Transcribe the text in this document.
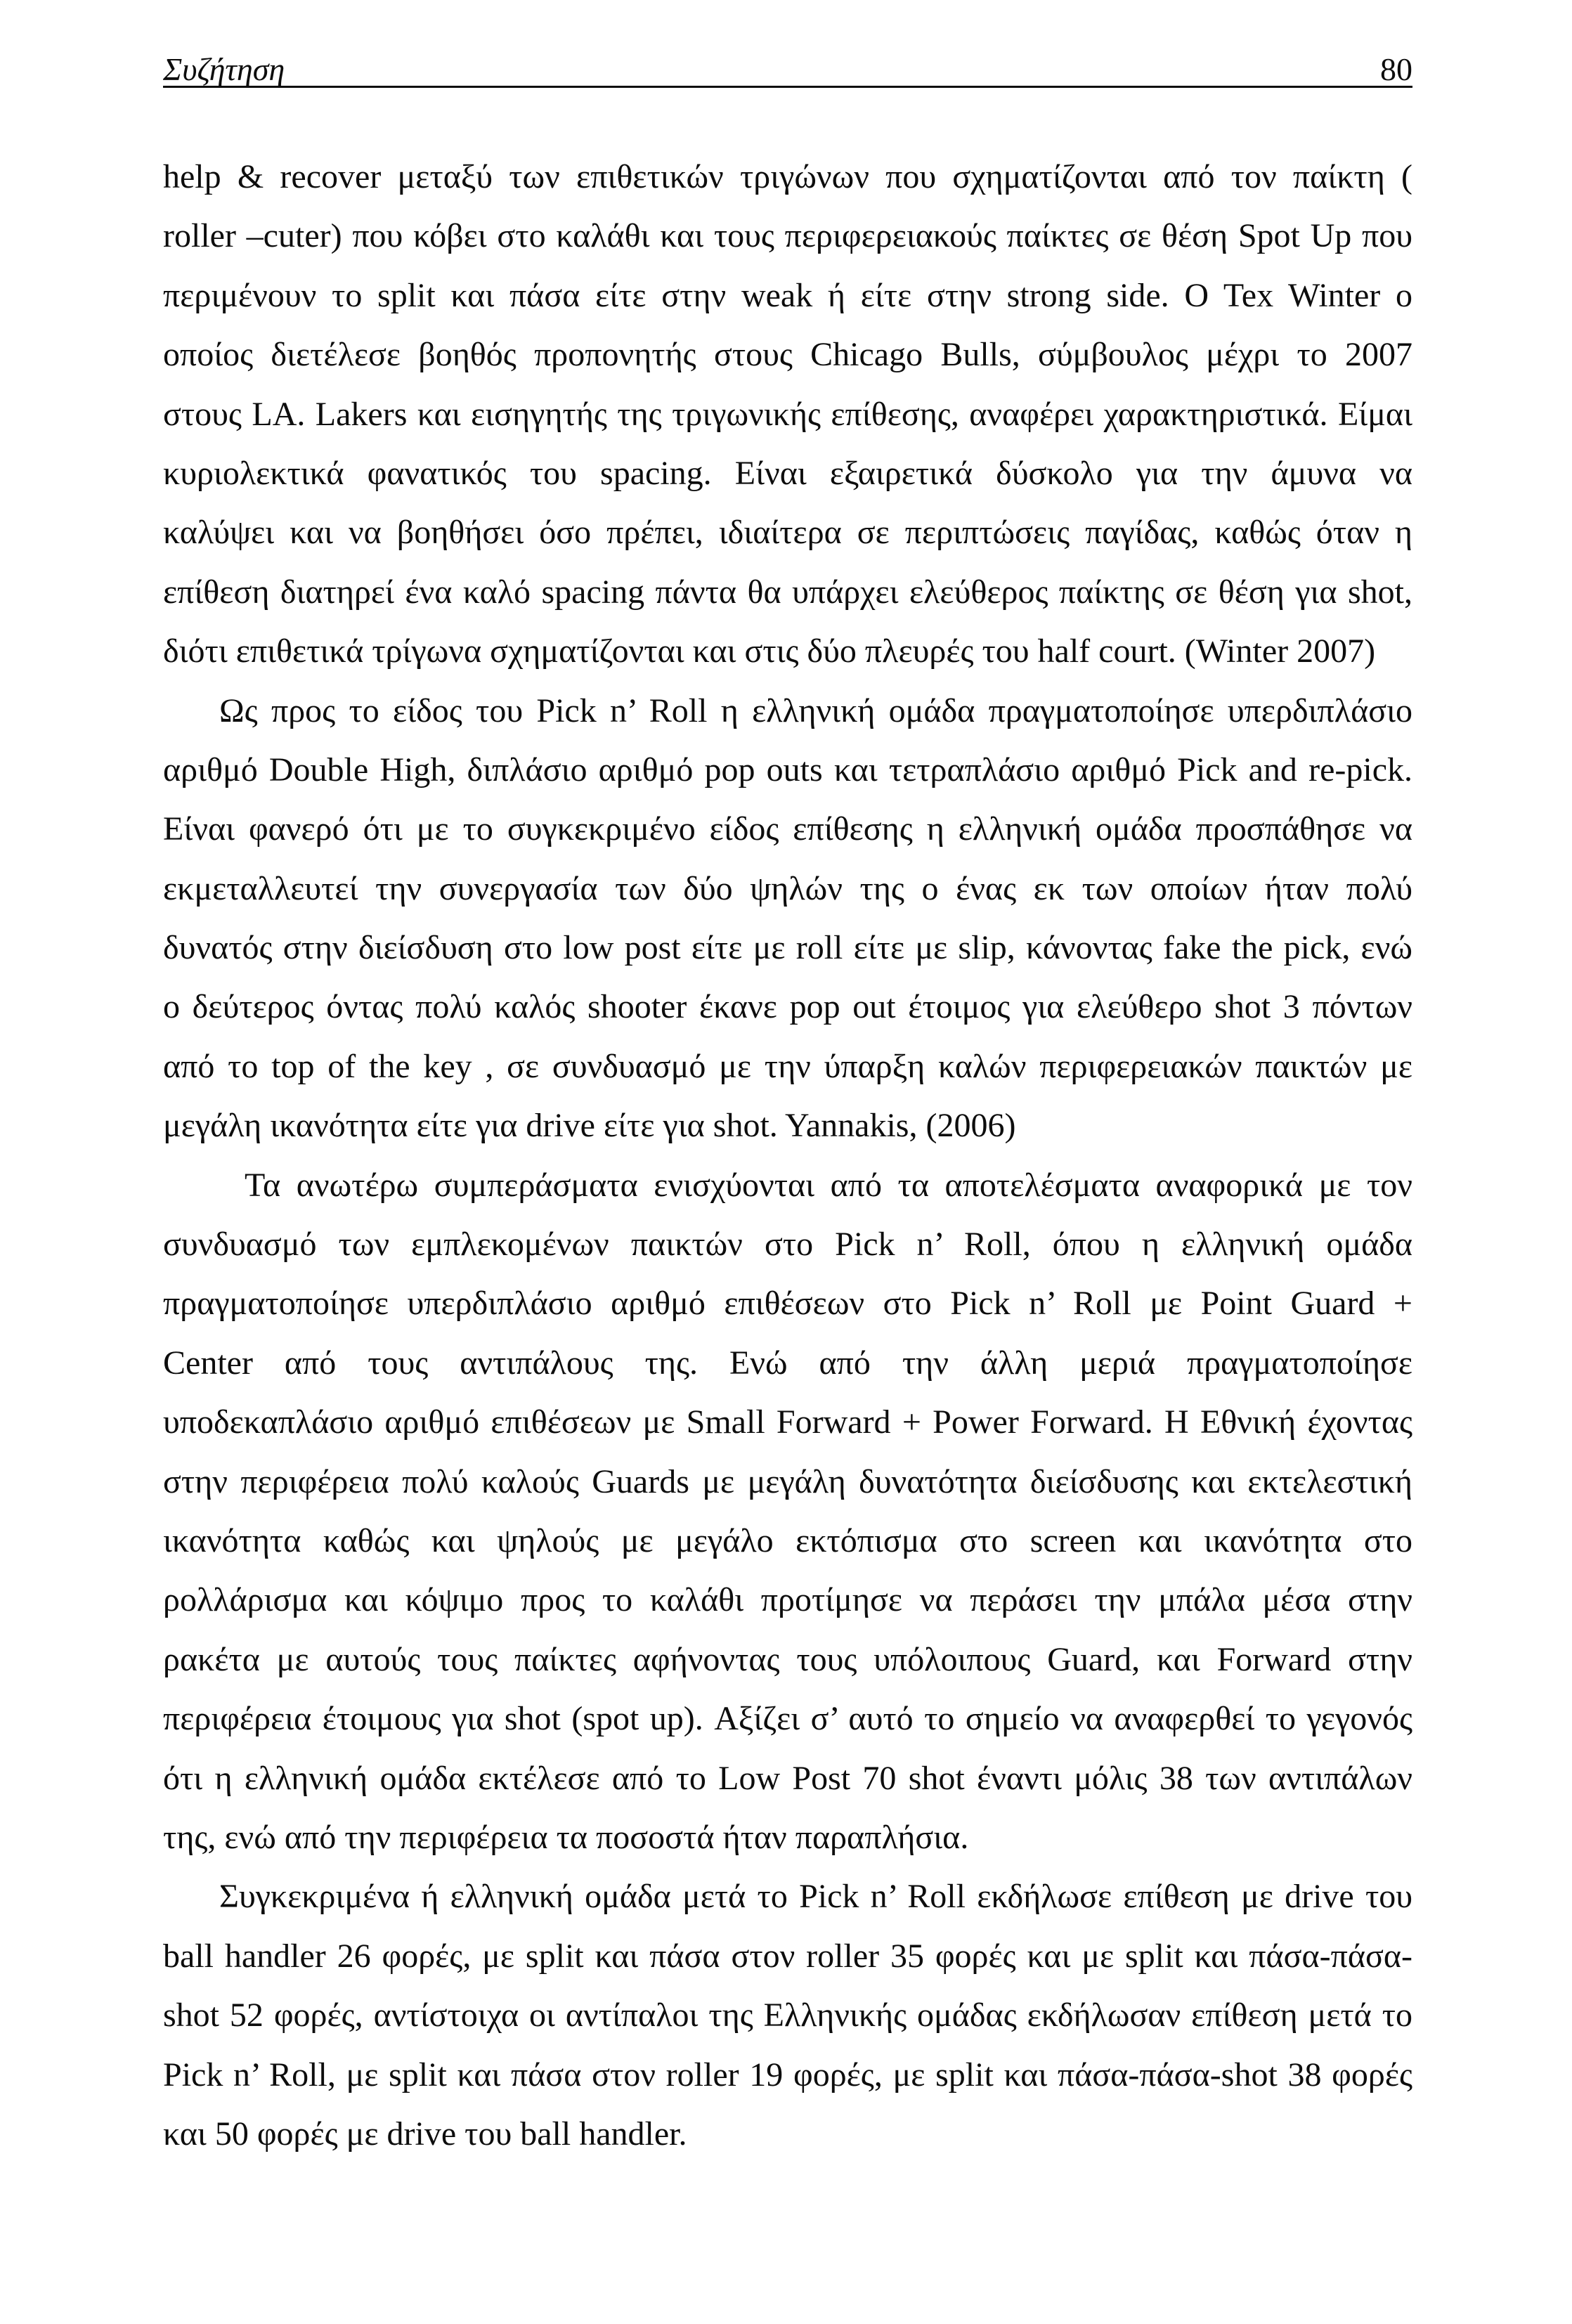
Συζήτηση	80
help & recover μεταξύ των επιθετικών τριγώνων που σχηματίζονται από τον παίκτη (
roller –cuter) που κόβει στο καλάθι και τους περιφερειακούς παίκτες σε θέση Spot Up που
περιμένουν το split και πάσα είτε στην weak ή είτε στην strong side. O Tex Winter ο
οποίος διετέλεσε βοηθός προπονητής στους Chicago Bulls, σύμβουλος μέχρι το 2007
στους LA. Lakers και εισηγητής της τριγωνικής επίθεσης, αναφέρει χαρακτηριστικά. Είμαι
κυριολεκτικά φανατικός του spacing. Είναι εξαιρετικά δύσκολο για την άμυνα να
καλύψει και να βοηθήσει όσο πρέπει, ιδιαίτερα σε περιπτώσεις παγίδας, καθώς όταν η
επίθεση διατηρεί ένα καλό spacing πάντα θα υπάρχει ελεύθερος παίκτης σε θέση για shot,
διότι επιθετικά τρίγωνα σχηματίζονται και στις δύο πλευρές του half court. (Winter 2007)
Ως προς το είδος του Pick n’ Roll η ελληνική ομάδα πραγματοποίησε υπερδιπλάσιο
αριθμό Double High, διπλάσιο αριθμό pop outs και τετραπλάσιο αριθμό Pick and re-pick.
Είναι φανερό ότι με το συγκεκριμένο είδος επίθεσης η ελληνική ομάδα προσπάθησε να
εκμεταλλευτεί την συνεργασία των δύο ψηλών της ο ένας εκ των οποίων ήταν πολύ
δυνατός στην διείσδυση στο low post είτε με roll είτε με slip, κάνοντας fake the pick, ενώ
ο δεύτερος όντας πολύ καλός shooter έκανε pop out έτοιμος για ελεύθερο shot 3 πόντων
από το top of the key , σε συνδυασμό με την ύπαρξη καλών περιφερειακών παικτών με
μεγάλη ικανότητα είτε για drive είτε για shot. Yannakis, (2006)
Τα ανωτέρω συμπεράσματα ενισχύονται από τα αποτελέσματα αναφορικά με τον
συνδυασμό των εμπλεκομένων παικτών στο Pick n’ Roll, όπου η ελληνική ομάδα
πραγματοποίησε υπερδιπλάσιο αριθμό επιθέσεων στο Pick n’ Roll με Point Guard +
Center από τους αντιπάλους της. Ενώ από την άλλη μεριά πραγματοποίησε
υποδεκαπλάσιο αριθμό επιθέσεων με Small Forward + Power Forward. Η Εθνική έχοντας
στην περιφέρεια πολύ καλούς Guards με μεγάλη δυνατότητα διείσδυσης και εκτελεστική
ικανότητα καθώς και ψηλούς με μεγάλο εκτόπισμα στο screen και ικανότητα στο
ρολλάρισμα και κόψιμο προς το καλάθι προτίμησε να περάσει την μπάλα μέσα στην
ρακέτα με αυτούς τους παίκτες αφήνοντας τους υπόλοιπους Guard, και Forward στην
περιφέρεια έτοιμους για shot (spot up). Αξίζει σ’ αυτό το σημείο να αναφερθεί το γεγονός
ότι η ελληνική ομάδα εκτέλεσε από το Low Post 70 shot έναντι μόλις 38 των αντιπάλων
της, ενώ από την περιφέρεια τα ποσοστά ήταν παραπλήσια.
Συγκεκριμένα ή ελληνική ομάδα μετά το Pick n’ Roll εκδήλωσε επίθεση με drive του
ball handler 26 φορές, με split και πάσα στον roller 35 φορές και με split και πάσα-πάσα-
shot 52 φορές, αντίστοιχα οι αντίπαλοι της Ελληνικής ομάδας εκδήλωσαν επίθεση μετά το
Pick n’ Roll, με split και πάσα στον roller 19 φορές, με split και πάσα-πάσα-shot 38 φορές
και 50 φορές με drive του ball handler.
